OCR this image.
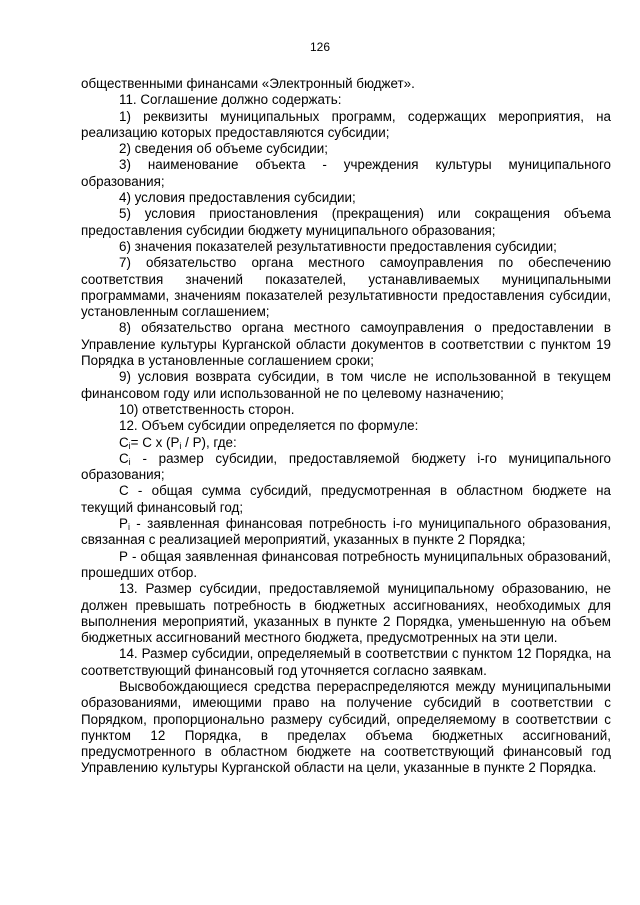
126

общественными финансами «Электронный бюджет».

11. Соглашение должно содержать:

1) реквизиты муниципальных программ, содержащих мероприятия, на реализацию которых предоставляются субсидии;

2) сведения об объеме субсидии;

3) наименование объекта - учреждения культуры муниципального образования;

4) условия предоставления субсидии;

5) условия приостановления (прекращения) или сокращения объема предоставления субсидии бюджету муниципального образования;

6) значения показателей результативности предоставления субсидии;

7) обязательство органа местного самоуправления по обеспечению соответствия значений показателей, устанавливаемых муниципальными программами, значениям показателей результативности предоставления субсидии, установленным соглашением;

8) обязательство органа местного самоуправления о предоставлении в Управление культуры Курганской области документов в соответствии с пунктом 19 Порядка в установленные соглашением сроки;

9) условия возврата субсидии, в том числе не использованной в текущем финансовом году или использованной не по целевому назначению;

10) ответственность сторон.

12. Объем субсидии определяется по формуле:

$C_i= C$ x $(P_i / P)$, где:

$C_i$ - размер субсидии, предоставляемой бюджету i-го муниципального образования;

C - общая сумма субсидий, предусмотренная в областном бюджете на текущий финансовый год;

$P_i$ - заявленная финансовая потребность i-го муниципального образования, связанная с реализацией мероприятий, указанных в пункте 2 Порядка;

P - общая заявленная финансовая потребность муниципальных образований, прошедших отбор.

13. Размер субсидии, предоставляемой муниципальному образованию, не должен превышать потребность в бюджетных ассигнованиях, необходимых для выполнения мероприятий, указанных в пункте 2 Порядка, уменьшенную на объем бюджетных ассигнований местного бюджета, предусмотренных на эти цели.

14. Размер субсидии, определяемый в соответствии с пунктом 12 Порядка, на соответствующий финансовый год уточняется согласно заявкам.

Высвобождающиеся средства перераспределяются между муниципальными образованиями, имеющими право на получение субсидий в соответствии с Порядком, пропорционально размеру субсидий, определяемому в соответствии с пунктом 12 Порядка, в пределах объема бюджетных ассигнований, предусмотренного в областном бюджете на соответствующий финансовый год Управлению культуры Курганской области на цели, указанные в пункте 2 Порядка.
